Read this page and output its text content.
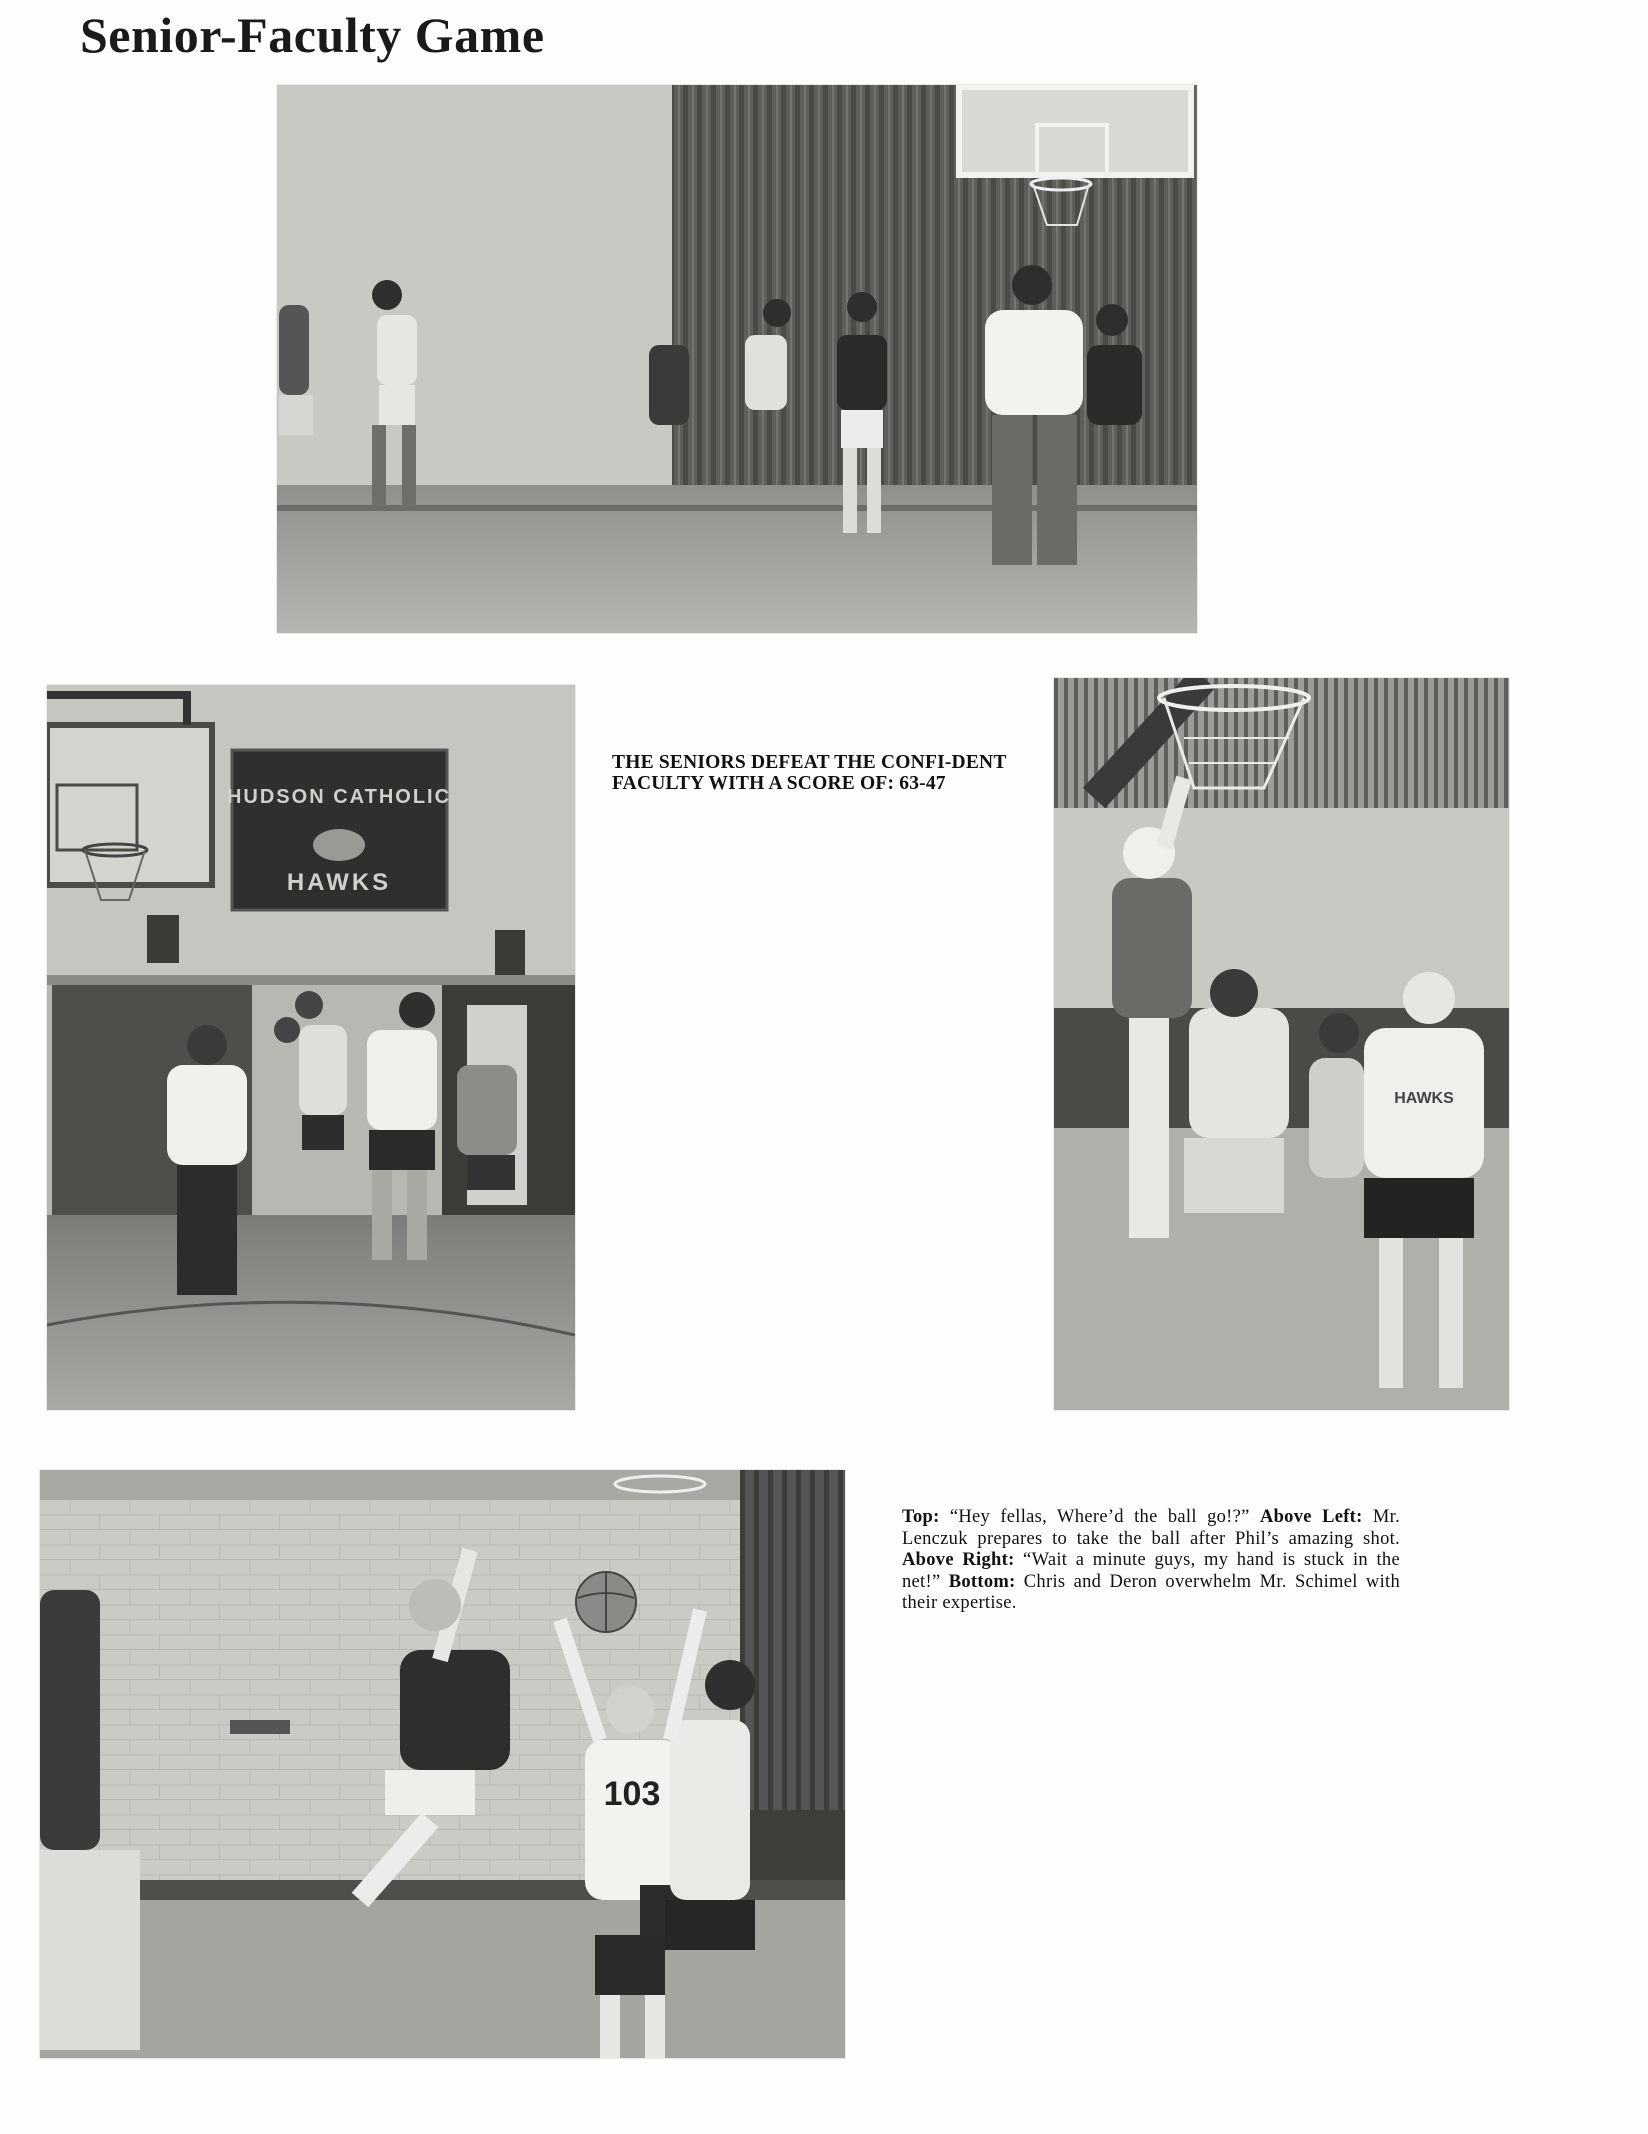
Senior-Faculty Game
HUDSON CATHOLIC
HAWKS
THE SENIORS DEFEAT THE CONFI-DENT FACULTY WITH A SCORE OF: 63-47
HAWKS
103
Top: “Hey fellas, Where’d the ball go!?” Above Left: Mr. Lenczuk prepares to take the ball after Phil’s amazing shot. Above Right: “Wait a minute guys, my hand is stuck in the net!” Bottom: Chris and Deron overwhelm Mr. Schimel with their expertise.
